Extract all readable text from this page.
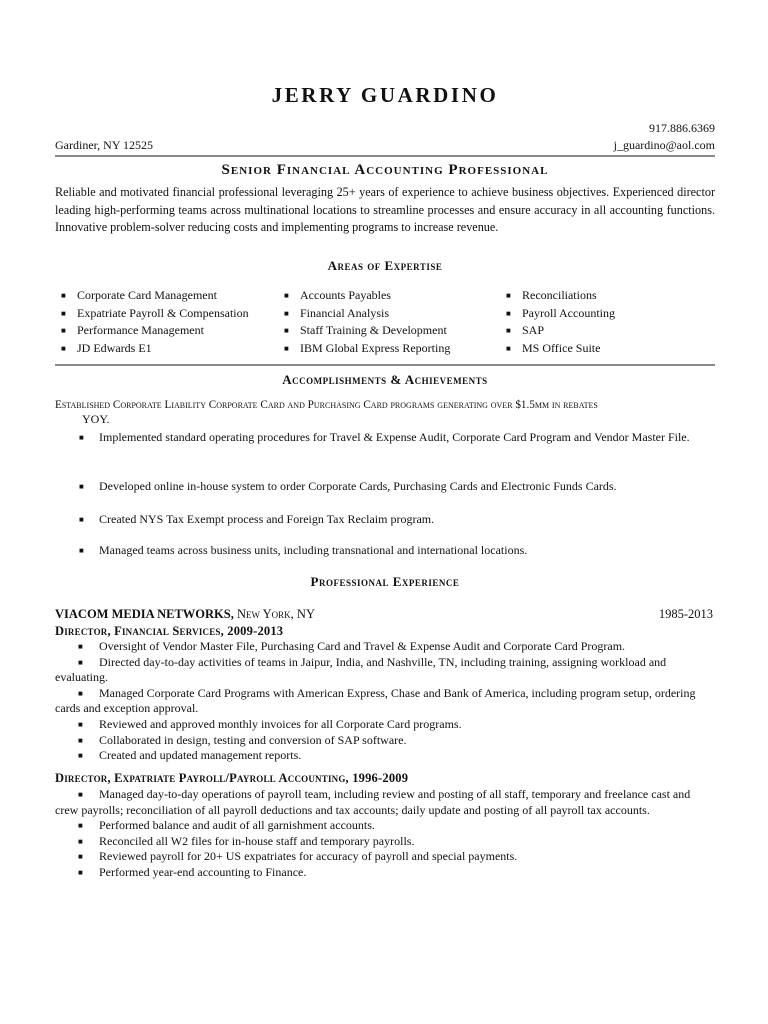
JERRY GUARDINO
917.886.6369
Gardiner, NY 12525	j_guardino@aol.com
Senior Financial Accounting Professional

Reliable and motivated financial professional leveraging 25+ years of experience to achieve business objectives. Experienced director leading high-performing teams across multinational locations to streamline processes and ensure accuracy in all accounting functions. Innovative problem-solver reducing costs and implementing programs to increase revenue.

Areas of Expertise
■ Corporate Card Management
■ Expatriate Payroll & Compensation
■ Performance Management
■ JD Edwards E1
■ Accounts Payables
■ Financial Analysis
■ Staff Training & Development
■ IBM Global Express Reporting
■ Reconciliations
■ Payroll Accounting
■ SAP
■ MS Office Suite
Accomplishments & Achievements
Established Corporate Liability Corporate Card and Purchasing Card programs generating over $1.5mm in rebates
YOY.
■ Implemented standard operating procedures for Travel & Expense Audit, Corporate Card Program and Vendor Master File.
■ Developed online in-house system to order Corporate Cards, Purchasing Cards and Electronic Funds Cards.
■ Created NYS Tax Exempt process and Foreign Tax Reclaim program.
■ Managed teams across business units, including transnational and international locations.
Professional Experience
VIACOM MEDIA NETWORKS, New York, NY	1985-2013
Director, Financial Services, 2009-2013
■ Oversight of Vendor Master File, Purchasing Card and Travel & Expense Audit and Corporate Card Program.
■ Directed day-to-day activities of teams in Jaipur, India, and Nashville, TN, including training, assigning workload and evaluating.
■ Managed Corporate Card Programs with American Express, Chase and Bank of America, including program setup, ordering cards and exception approval.
■ Reviewed and approved monthly invoices for all Corporate Card programs.
■ Collaborated in design, testing and conversion of SAP software.
■ Created and updated management reports.
Director, Expatriate Payroll/Payroll Accounting, 1996-2009
■ Managed day-to-day operations of payroll team, including review and posting of all staff, temporary and freelance cast and crew payrolls; reconciliation of all payroll deductions and tax accounts; daily update and posting of all payroll tax accounts.
■ Performed balance and audit of all garnishment accounts.
■ Reconciled all W2 files for in-house staff and temporary payrolls.
■ Reviewed payroll for 20+ US expatriates for accuracy of payroll and special payments.
■ Performed year-end accounting to Finance.
